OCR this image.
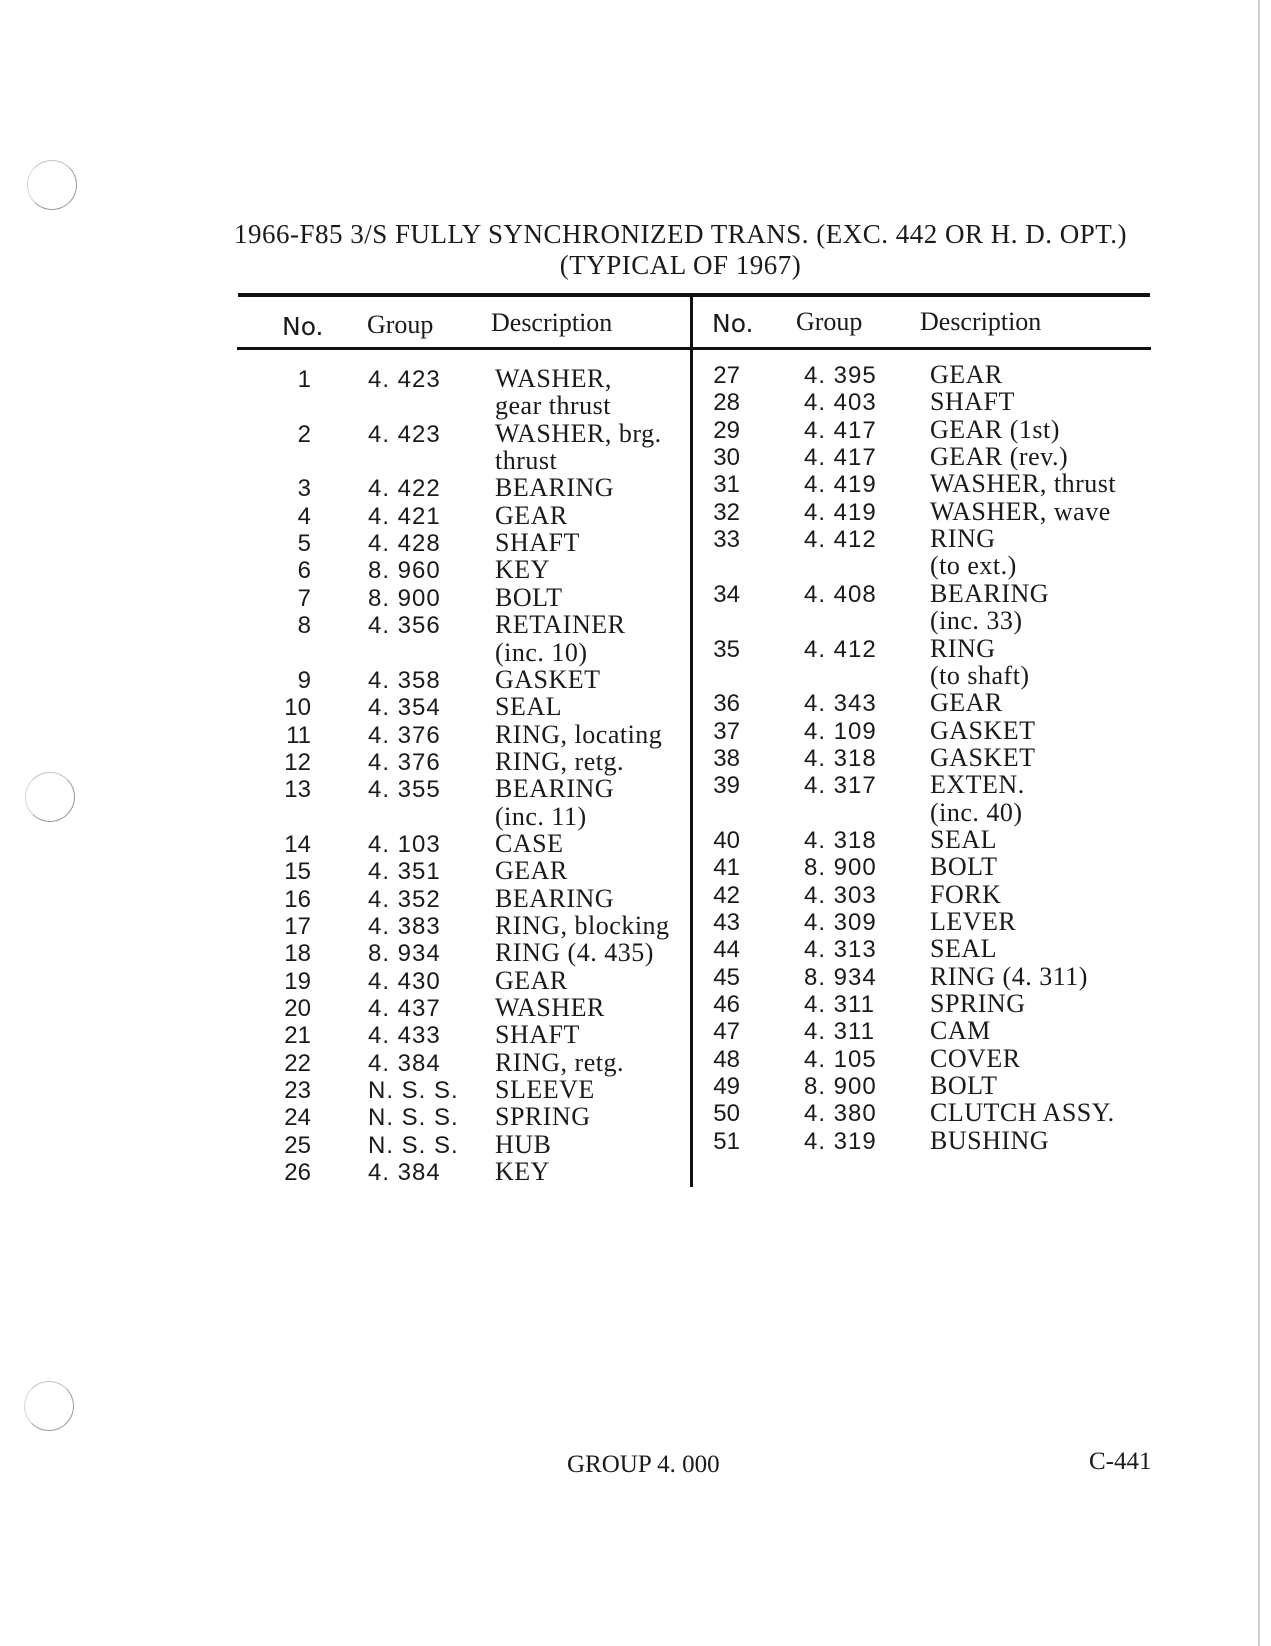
1966-F85 3/S FULLY SYNCHRONIZED TRANS. (EXC. 442 OR H. D. OPT.)
(TYPICAL OF 1967)
No. Group Description	No. Group Description
1 4. 423 WASHER,
gear thrust
2 4. 423 WASHER, brg.
thrust
3 4. 422 BEARING
4 4. 421 GEAR
5 4. 428 SHAFT
6 8. 960 KEY
7 8. 900 BOLT
8 4. 356 RETAINER
(inc. 10)
9 4. 358 GASKET
10 4. 354 SEAL
11 4. 376 RING, locating
12 4. 376 RING, retg.
13 4. 355 BEARING
(inc. 11)
14 4. 103 CASE
15 4. 351 GEAR
16 4. 352 BEARING
17 4. 383 RING, blocking
18 8. 934 RING (4. 435)
19 4. 430 GEAR
20 4. 437 WASHER
21 4. 433 SHAFT
22 4. 384 RING, retg.
23 N. S. S. SLEEVE
24 N. S. S. SPRING
25 N. S. S. HUB
26 4. 384 KEY
27	4. 395 GEAR
28	4. 403 SHAFT
29	4. 417 GEAR (1st)
30	4. 417 GEAR (rev.)
31	4. 419 WASHER, thrust
32	4. 419 WASHER, wave
33	4. 412 RING
(to ext.)
34	4. 408 BEARING
(inc. 33)
35	4. 412 RING
(to shaft)
36	4. 343 GEAR
37	4. 109 GASKET
38	4. 318 GASKET
39	4. 317 EXTEN.
(inc. 40)
40	4. 318 SEAL
41	8. 900 BOLT
42	4. 303 FORK
43	4. 309 LEVER
44	4. 313 SEAL
45	8. 934 RING (4. 311)
46	4. 311 SPRING
47	4. 311 CAM
48	4. 105 COVER
49	8. 900 BOLT
50	4. 380 CLUTCH ASSY.
51	4. 319 BUSHING
GROUP 4. 000	C-441
